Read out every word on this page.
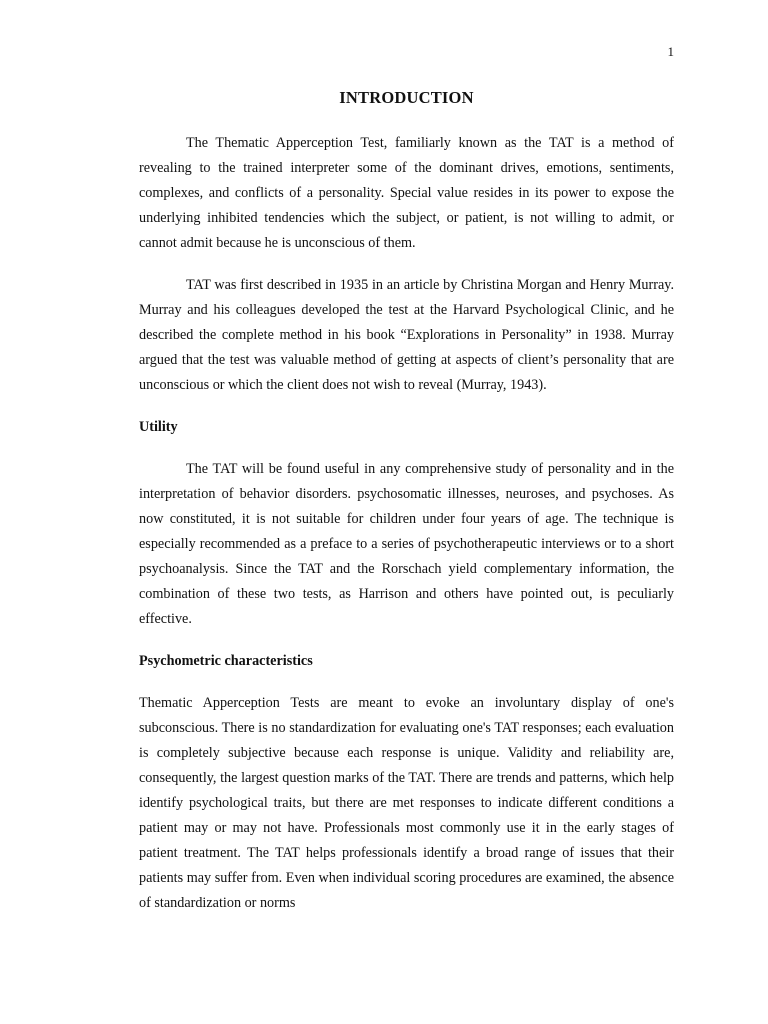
1
INTRODUCTION

The Thematic Apperception Test, familiarly known as the TAT is a method of revealing to the trained interpreter some of the dominant drives, emotions, sentiments, complexes, and conflicts of a personality. Special value resides in its power to expose the underlying inhibited tendencies which the subject, or patient, is not willing to admit, or cannot admit because he is unconscious of them.

TAT was first described in 1935 in an article by Christina Morgan and Henry Murray. Murray and his colleagues developed the test at the Harvard Psychological Clinic, and he described the complete method in his book “Explorations in Personality” in 1938. Murray argued that the test was valuable method of getting at aspects of client’s personality that are unconscious or which the client does not wish to reveal (Murray, 1943).

Utility

The TAT will be found useful in any comprehensive study of personality and in the interpretation of behavior disorders. psychosomatic illnesses, neuroses, and psychoses. As now constituted, it is not suitable for children under four years of age. The technique is especially recommended as a preface to a series of psychotherapeutic interviews or to a short psychoanalysis. Since the TAT and the Rorschach yield complementary information, the combination of these two tests, as Harrison and others have pointed out, is peculiarly effective.

Psychometric characteristics

Thematic Apperception Tests are meant to evoke an involuntary display of one's subconscious. There is no standardization for evaluating one's TAT responses; each evaluation is completely subjective because each response is unique. Validity and reliability are, consequently, the largest question marks of the TAT. There are trends and patterns, which help identify psychological traits, but there are met responses to indicate different conditions a patient may or may not have. Professionals most commonly use it in the early stages of patient treatment. The TAT helps professionals identify a broad range of issues that their patients may suffer from. Even when individual scoring procedures are examined, the absence of standardization or norms
